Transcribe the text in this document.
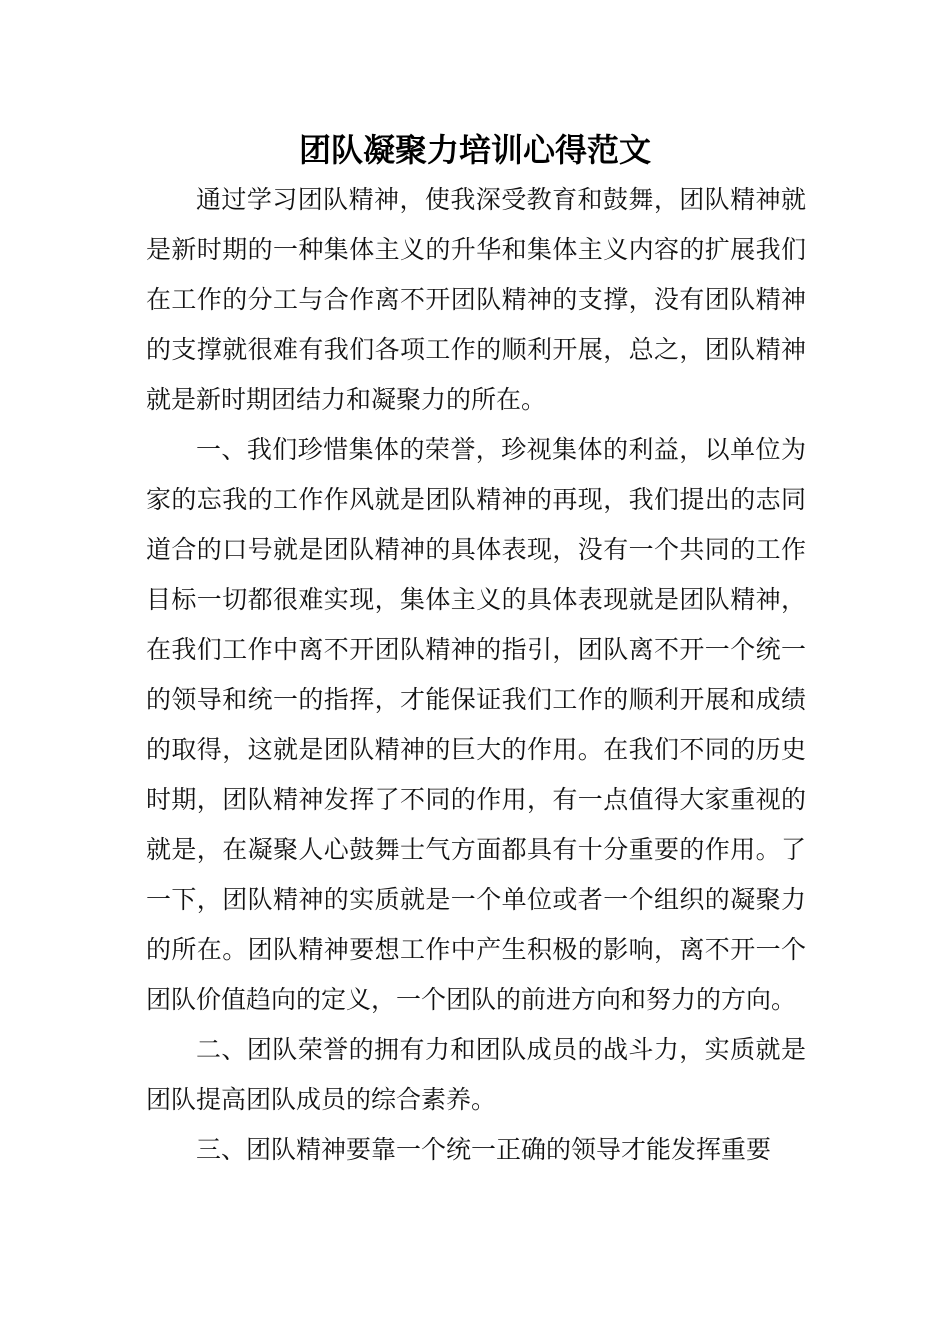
团队凝聚力培训心得范文

通过学习团队精神，使我深受教育和鼓舞，团队精神就是新时期的一种集体主义的升华和集体主义内容的扩展我们在工作的分工与合作离不开团队精神的支撑，没有团队精神的支撑就很难有我们各项工作的顺利开展，总之，团队精神就是新时期团结力和凝聚力的所在。

一、我们珍惜集体的荣誉，珍视集体的利益，以单位为家的忘我的工作作风就是团队精神的再现，我们提出的志同道合的口号就是团队精神的具体表现，没有一个共同的工作目标一切都很难实现，集体主义的具体表现就是团队精神，在我们工作中离不开团队精神的指引，团队离不开一个统一的领导和统一的指挥，才能保证我们工作的顺利开展和成绩的取得，这就是团队精神的巨大的作用。在我们不同的历史时期，团队精神发挥了不同的作用，有一点值得大家重视的就是，在凝聚人心鼓舞士气方面都具有十分重要的作用。了一下，团队精神的实质就是一个单位或者一个组织的凝聚力的所在。团队精神要想工作中产生积极的影响，离不开一个团队价值趋向的定义，一个团队的前进方向和努力的方向。

二、团队荣誉的拥有力和团队成员的战斗力，实质就是团队提高团队成员的综合素养。

三、团队精神要靠一个统一正确的领导才能发挥重要
